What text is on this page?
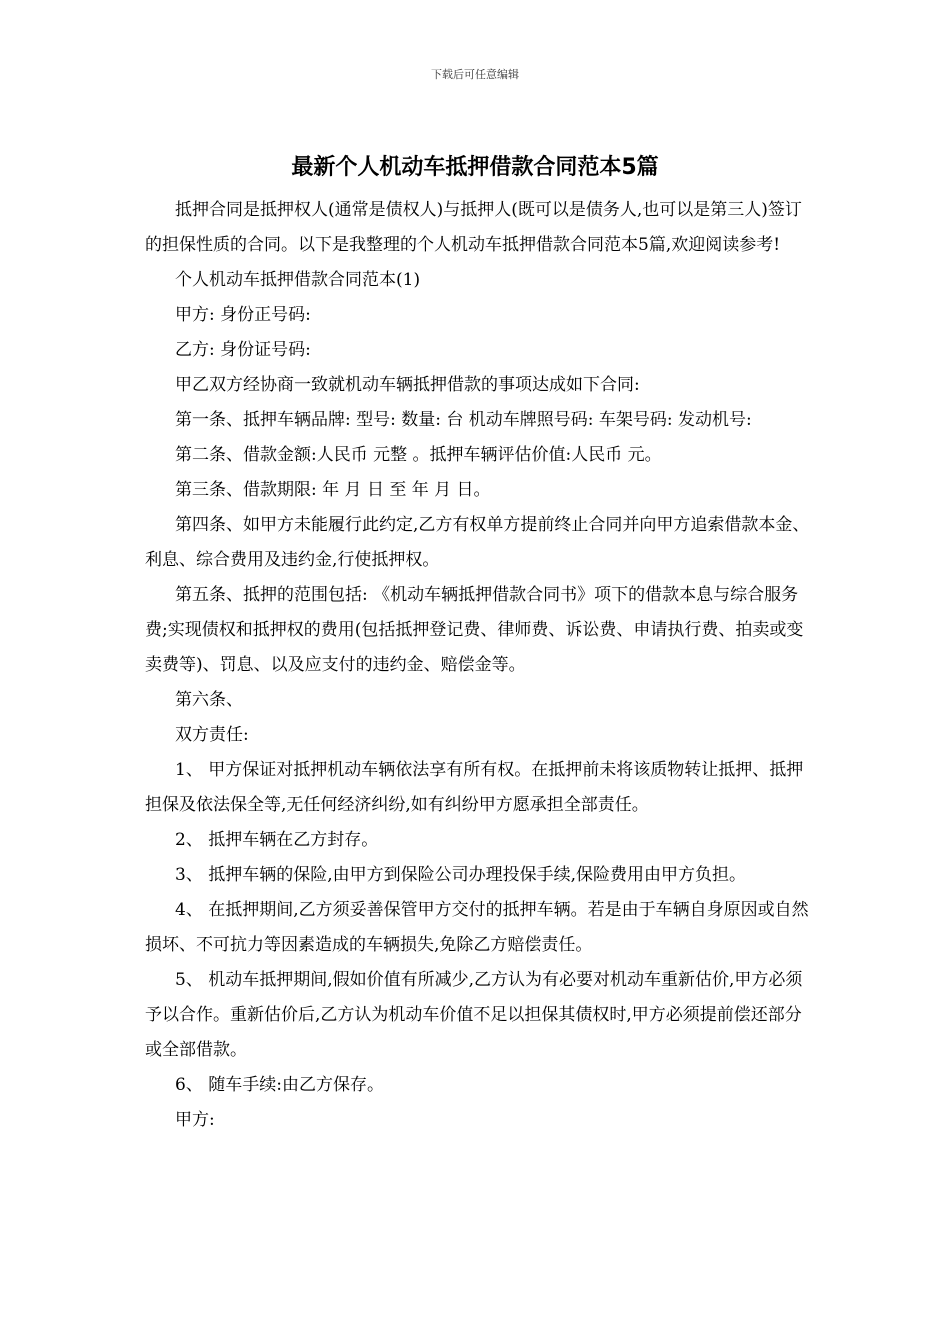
下载后可任意编辑
最新个人机动车抵押借款合同范本5篇

抵押合同是抵押权人(通常是债权人)与抵押人(既可以是债务人,也可以是第三人)签订的担保性质的合同。以下是我整理的个人机动车抵押借款合同范本5篇,欢迎阅读参考!

个人机动车抵押借款合同范本(1)

甲方: 身份正号码:

乙方: 身份证号码:

甲乙双方经协商一致就机动车辆抵押借款的事项达成如下合同:

第一条、抵押车辆品牌: 型号: 数量: 台 机动车牌照号码: 车架号码: 发动机号:

第二条、借款金额:人民币 元整 。抵押车辆评估价值:人民币 元。

第三条、借款期限: 年 月 日 至 年 月 日。

第四条、如甲方未能履行此约定,乙方有权单方提前终止合同并向甲方追索借款本金、利息、综合费用及违约金,行使抵押权。

第五条、抵押的范围包括: 《机动车辆抵押借款合同书》项下的借款本息与综合服务费;实现债权和抵押权的费用(包括抵押登记费、律师费、诉讼费、申请执行费、拍卖或变卖费等)、罚息、以及应支付的违约金、赔偿金等。

第六条、

双方责任:

1、 甲方保证对抵押机动车辆依法享有所有权。在抵押前未将该质物转让抵押、抵押担保及依法保全等,无任何经济纠纷,如有纠纷甲方愿承担全部责任。

2、 抵押车辆在乙方封存。

3、 抵押车辆的保险,由甲方到保险公司办理投保手续,保险费用由甲方负担。

4、 在抵押期间,乙方须妥善保管甲方交付的抵押车辆。若是由于车辆自身原因或自然损坏、不可抗力等因素造成的车辆损失,免除乙方赔偿责任。

5、 机动车抵押期间,假如价值有所减少,乙方认为有必要对机动车重新估价,甲方必须予以合作。重新估价后,乙方认为机动车价值不足以担保其债权时,甲方必须提前偿还部分或全部借款。

6、 随车手续:由乙方保存。

甲方:
